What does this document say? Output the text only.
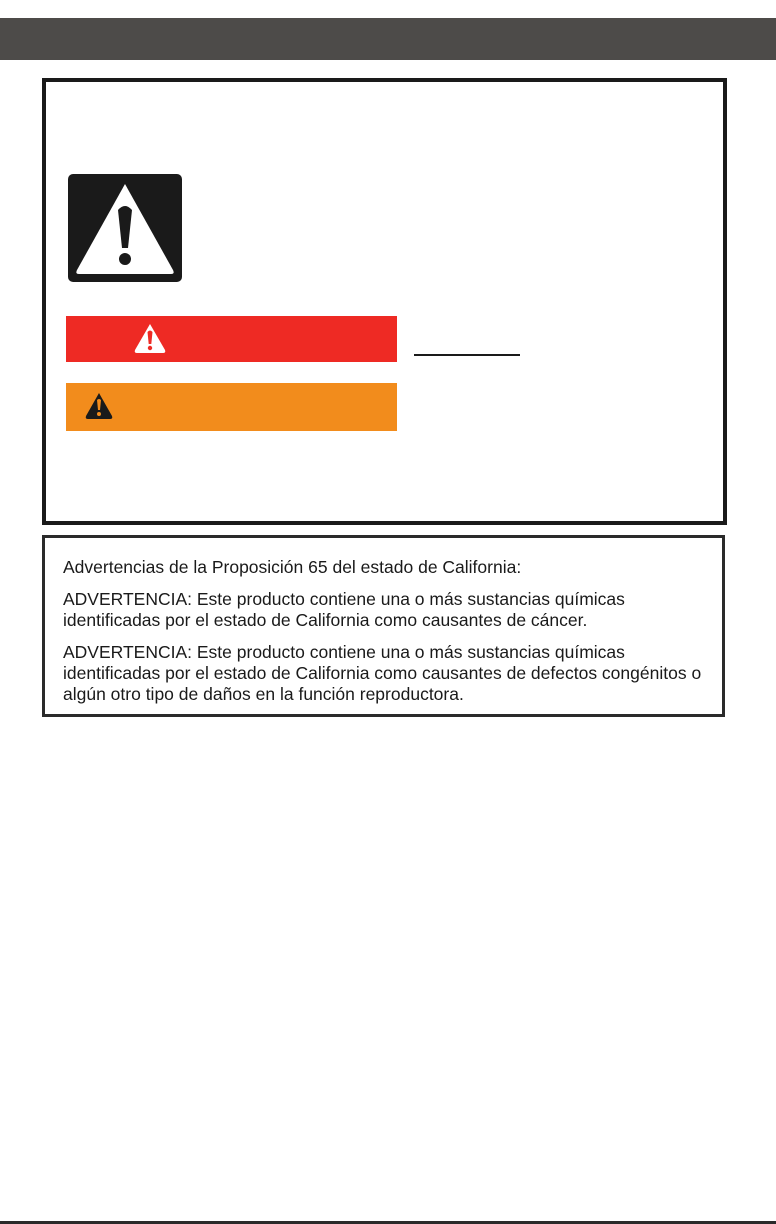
Advertencias de la Proposición 65 del estado de California:

ADVERTENCIA: Este producto contiene una o más sustancias químicas identificadas por el estado de California como causantes de cáncer.

ADVERTENCIA: Este producto contiene una o más sustancias químicas identificadas por el estado de California como causantes de defectos congénitos o algún otro tipo de daños en la función reproductora.
